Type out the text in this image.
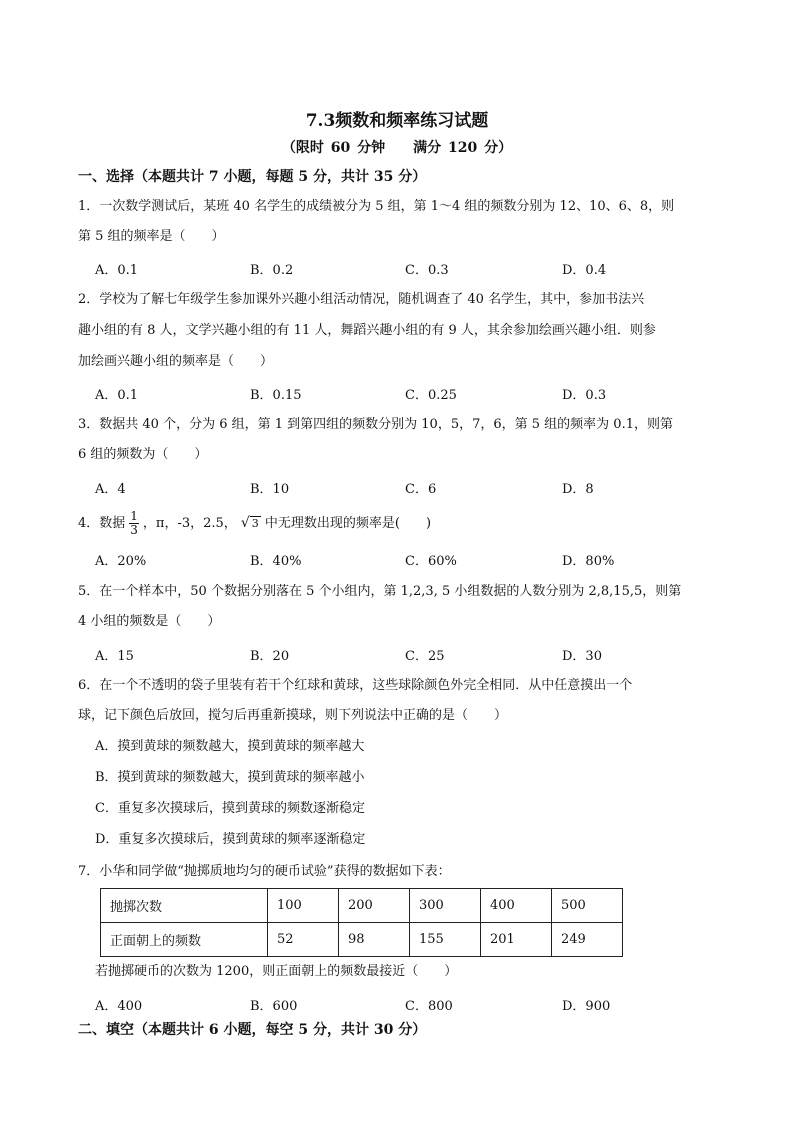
7.3频数和频率练习试题
（限时 60 分钟　　满分 120 分）
一、选择（本题共计 7 小题，每题 5 分，共计 35 分）
1．一次数学测试后，某班 40 名学生的成绩被分为 5 组，第 1～4 组的频数分别为 12、10、6、8，则
第 5 组的频率是（　　）
A．0.1	B．0.2	C．0.3	D．0.4
2．学校为了解七年级学生参加课外兴趣小组活动情况，随机调查了 40 名学生，其中，参加书法兴
趣小组的有 8 人，文学兴趣小组的有 11 人，舞蹈兴趣小组的有 9 人，其余参加绘画兴趣小组．则参
加绘画兴趣小组的频率是（　　）
A．0.1	B．0.15	C．0.25	D．0.3
3．数据共 40 个，分为 6 组，第 1 到第四组的频数分别为 10，5，7，6，第 5 组的频率为 0.1，则第
6 组的频数为（　　）
A．4	B．10	C．6	D．8
4．数据 $\frac{1}{3}$ ，π，-3，2.5， √ 3 中无理数出现的频率是(　　)
A．20%	B．40%	C．60%	D．80%
5．在一个样本中，50 个数据分别落在 5 个小组内，第 1,2,3, 5 小组数据的人数分别为 2,8,15,5，则第
4 小组的频数是（　　）
A．15	B．20	C．25	D．30
6．在一个不透明的袋子里装有若干个红球和黄球，这些球除颜色外完全相同．从中任意摸出一个
球，记下颜色后放回，搅匀后再重新摸球，则下列说法中正确的是（　　）
A．摸到黄球的频数越大，摸到黄球的频率越大
B．摸到黄球的频数越大，摸到黄球的频率越小
C．重复多次摸球后，摸到黄球的频数逐渐稳定
D．重复多次摸球后，摸到黄球的频率逐渐稳定
7．小华和同学做“抛掷质地均匀的硬币试验”获得的数据如下表：
抛掷次数	100	200	300	400	500
正面朝上的频数	52	98	155	201	249
若抛掷硬币的次数为 1200，则正面朝上的频数最接近（　　）
A．400	B．600	C．800	D．900
二、填空（本题共计 6 小题，每空 5 分，共计 30 分）
